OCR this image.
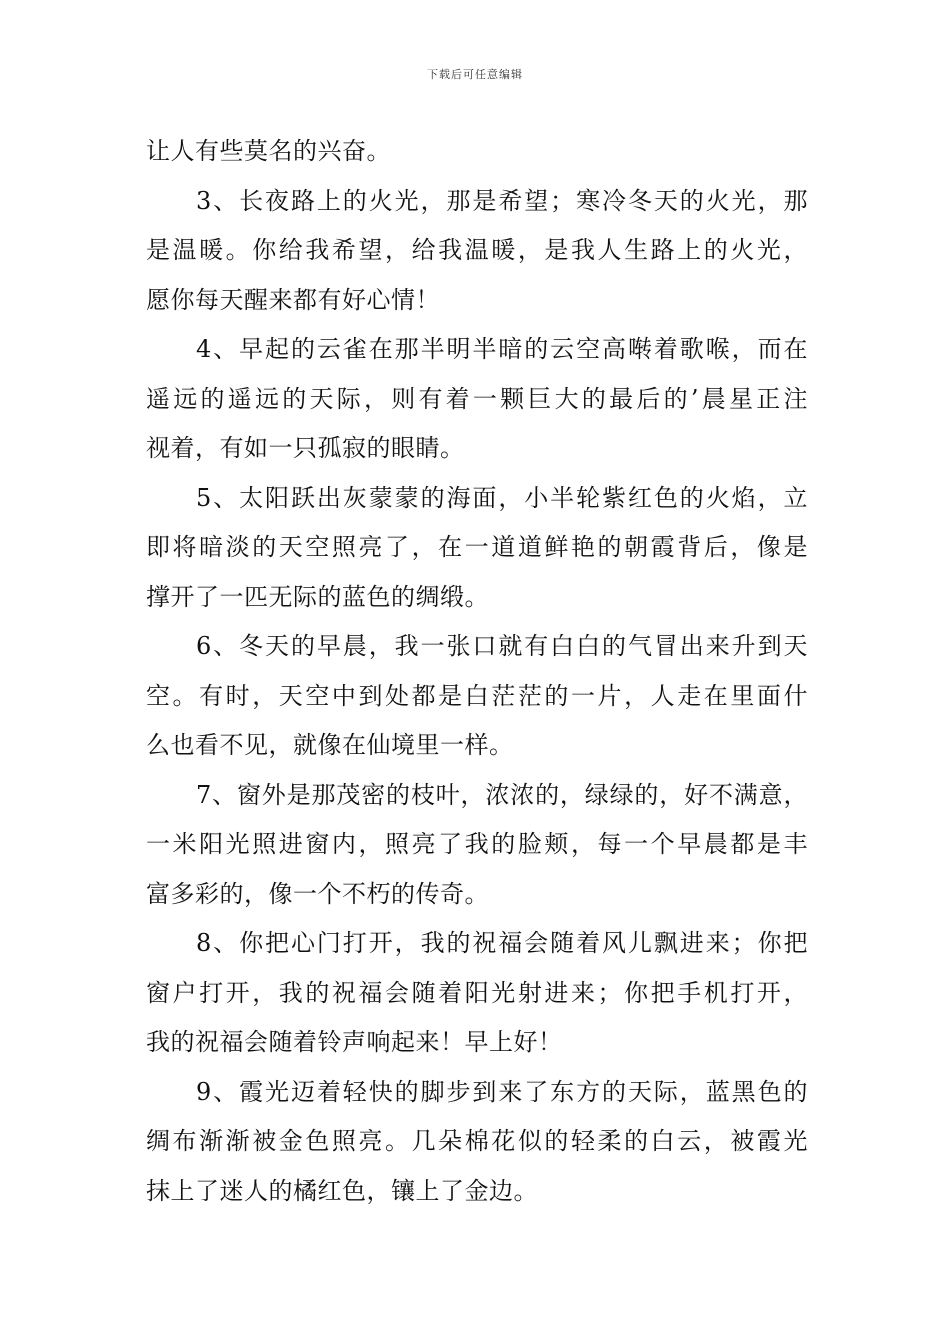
下载后可任意编辑
让人有些莫名的兴奋。
3、长夜路上的火光，那是希望；寒冷冬天的火光，那
是温暖。你给我希望，给我温暖，是我人生路上的火光，
愿你每天醒来都有好心情！
4、早起的云雀在那半明半暗的云空高啭着歌喉，而在
遥远的遥远的天际，则有着一颗巨大的最后的’晨星正注
视着，有如一只孤寂的眼睛。
5、太阳跃出灰蒙蒙的海面，小半轮紫红色的火焰，立
即将暗淡的天空照亮了，在一道道鲜艳的朝霞背后，像是
撑开了一匹无际的蓝色的绸缎。
6、冬天的早晨，我一张口就有白白的气冒出来升到天
空。有时，天空中到处都是白茫茫的一片，人走在里面什
么也看不见，就像在仙境里一样。
7、窗外是那茂密的枝叶，浓浓的，绿绿的，好不满意，
一米阳光照进窗内，照亮了我的脸颊，每一个早晨都是丰
富多彩的，像一个不朽的传奇。
8、你把心门打开，我的祝福会随着风儿飘进来；你把
窗户打开，我的祝福会随着阳光射进来；你把手机打开，
我的祝福会随着铃声响起来！早上好！
9、霞光迈着轻快的脚步到来了东方的天际，蓝黑色的
绸布渐渐被金色照亮。几朵棉花似的轻柔的白云，被霞光
抹上了迷人的橘红色，镶上了金边。
